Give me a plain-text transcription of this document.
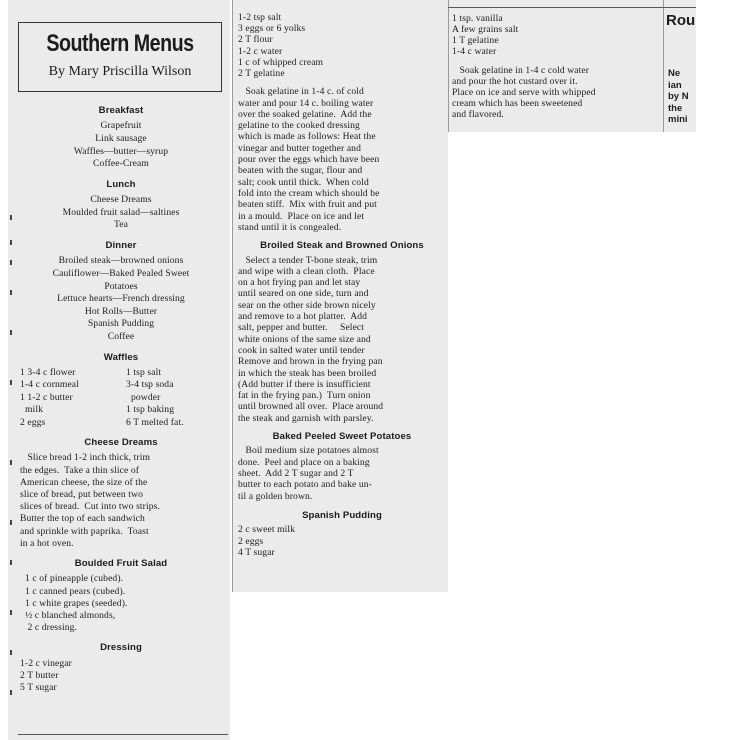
Southern Menus
By Mary Priscilla Wilson
Breakfast
Grapefruit
Link sausage
Waffles—butter—syrup
Coffee-Cream
Lunch
Cheese Dreams
Moulded fruit salad—saltines
Tea
Dinner
Broiled steak—browned onions
Cauliflower—Baked Pealed Sweet
Potatoes
Lettuce hearts—French dressing
Hot Rolls—Butter
Spanish Pudding
Coffee
Waffles
1 3-4 c flower
1-4 c cornmeal
1 1-2 c butter
milk
2 eggs
1 tsp salt
3-4 tsp soda
powder
1 tsp baking
6 T melted fat.
Cheese Dreams
Slice bread 1-2 inch thick, trim
the edges.  Take a thin slice of
American cheese, the size of the
slice of bread, put between two
slices of bread.  Cut into two strips.
Butter the top of each sandwich
and sprinkle with paprika.  Toast
in a hot oven.
Boulded Fruit Salad
1 c of pineapple (cubed).
1 c canned pears (cubed).
1 c white grapes (seeded).
½ c blanched almonds,
2 c dressing.
Dressing
1-2 c vinegar
2 T butter
5 T sugar
1-2 tsp salt
3 eggs or 6 yolks
2 T flour
1-2 c water
1 c of whipped cream
2 T gelatine
Soak gelatine in 1-4 c. of cold
water and pour 14 c. boiling water
over the soaked gelatine.  Add the
gelatine to the cooked dressing
which is made as follows: Heat the
vinegar and butter together and
pour over the eggs which have been
beaten with the sugar, flour and
salt; cook until thick.  When cold
fold into the cream which should be
beaten stiff.  Mix with fruit and put
in a mould.  Place on ice and let
stand until it is congealed.
Broiled Steak and Browned Onions
Select a tender T-bone steak, trim
and wipe with a clean cloth.  Place
on a hot frying pan and let stay
until seared on one side, turn and
sear on the other side brown nicely
and remove to a hot platter.  Add
salt, pepper and butter.     Select
white onions of the same size and
cook in salted water until tender
Remove and brown in the frying pan
in which the steak has been broiled
(Add butter if there is insufficient
fat in the frying pan.)  Turn onion
until browned all over.  Place around
the steak and garnish with parsley.
Baked Peeled Sweet Potatoes
Boil medium size potatoes almost
done.  Peel and place on a baking
sheet.  Add 2 T sugar and 2 T
butter to each potato and bake un-
til a golden brown.
Spanish Pudding
2 c sweet milk
2 eggs
4 T sugar
1 tsp. vanilla
A few grains salt
1 T gelatine
1-4 c water
Soak gelatine in 1-4 c cold water
and pour the hot custard over it.
Place on ice and serve with whipped
cream which has been sweetened
and flavored.
Rou
Ne
ian
by N
the
mini
